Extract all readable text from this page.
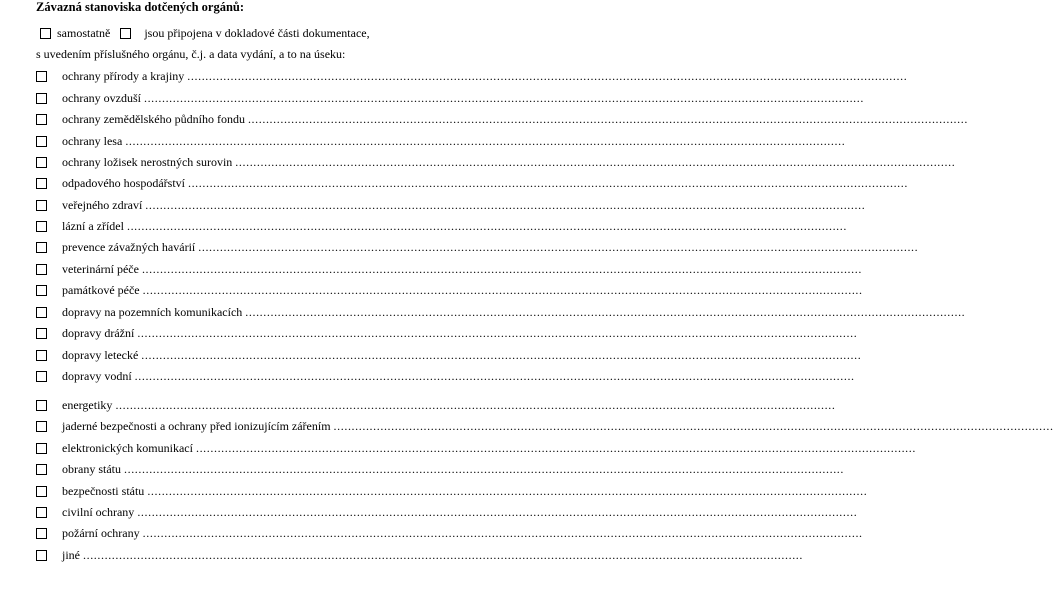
Závazná stanoviska dotčených orgánů:
samostatně	jsou připojena v dokladové části dokumentace,
s uvedením příslušného orgánu, č.j. a data vydání, a to na úseku:
ochrany přírody a krajiny ........................................................................................................................................................................................................
ochrany ovzduší ........................................................................................................................................................................................................
ochrany zemědělského půdního fondu ........................................................................................................................................................................................................
ochrany lesa ........................................................................................................................................................................................................
ochrany ložisek nerostných surovin ........................................................................................................................................................................................................
odpadového hospodářství ........................................................................................................................................................................................................
veřejného zdraví ........................................................................................................................................................................................................
lázní a zřídel ........................................................................................................................................................................................................
prevence závažných havárií ........................................................................................................................................................................................................
veterinární péče ........................................................................................................................................................................................................
památkové péče ........................................................................................................................................................................................................
dopravy na pozemních komunikacích ........................................................................................................................................................................................................
dopravy drážní ........................................................................................................................................................................................................
dopravy letecké ........................................................................................................................................................................................................
dopravy vodní ........................................................................................................................................................................................................
energetiky ........................................................................................................................................................................................................
jaderné bezpečnosti a ochrany před ionizujícím zářením ........................................................................................................................................................................................................
elektronických komunikací ........................................................................................................................................................................................................
obrany státu ........................................................................................................................................................................................................
bezpečnosti státu ........................................................................................................................................................................................................
civilní ochrany ........................................................................................................................................................................................................
požární ochrany ........................................................................................................................................................................................................
jiné ........................................................................................................................................................................................................
